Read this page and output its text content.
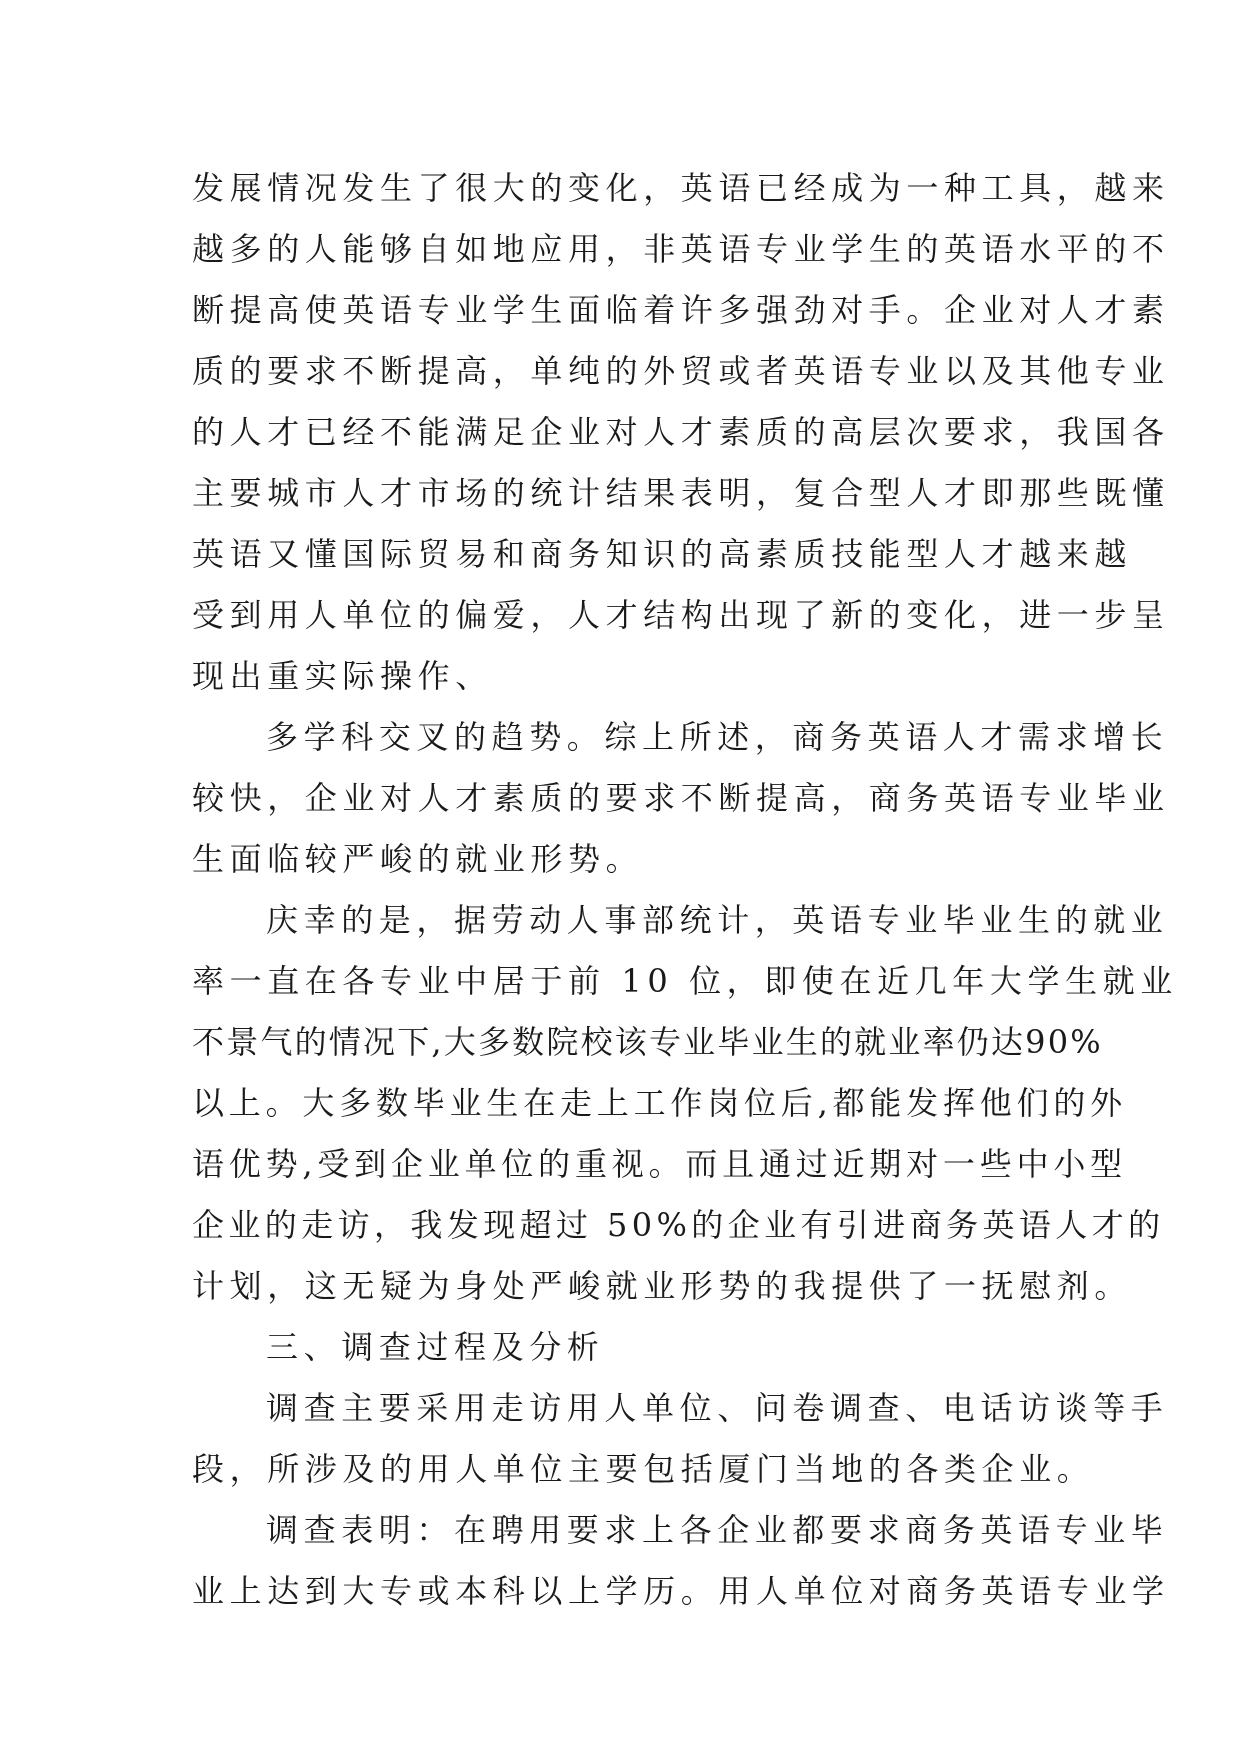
发展情况发生了很大的变化，英语已经成为一种工具，越来
越多的人能够自如地应用，非英语专业学生的英语水平的不
断提高使英语专业学生面临着许多强劲对手。企业对人才素
质的要求不断提高，单纯的外贸或者英语专业以及其他专业
的人才已经不能满足企业对人才素质的高层次要求，我国各
主要城市人才市场的统计结果表明，复合型人才即那些既懂
英语又懂国际贸易和商务知识的高素质技能型人才越来越
受到用人单位的偏爱，人才结构出现了新的变化，进一步呈
现出重实际操作、

多学科交叉的趋势。综上所述，商务英语人才需求增长
较快，企业对人才素质的要求不断提高，商务英语专业毕业
生面临较严峻的就业形势。

庆幸的是，据劳动人事部统计，英语专业毕业生的就业
率一直在各专业中居于前 10 位，即使在近几年大学生就业
不景气的情况下,大多数院校该专业毕业生的就业率仍达90%
以上。大多数毕业生在走上工作岗位后,都能发挥他们的外
语优势,受到企业单位的重视。而且通过近期对一些中小型
企业的走访，我发现超过 50%的企业有引进商务英语人才的
计划，这无疑为身处严峻就业形势的我提供了一抚慰剂。

三、调查过程及分析

调查主要采用走访用人单位、问卷调查、电话访谈等手
段，所涉及的用人单位主要包括厦门当地的各类企业。

调查表明：在聘用要求上各企业都要求商务英语专业毕
业上达到大专或本科以上学历。用人单位对商务英语专业学
